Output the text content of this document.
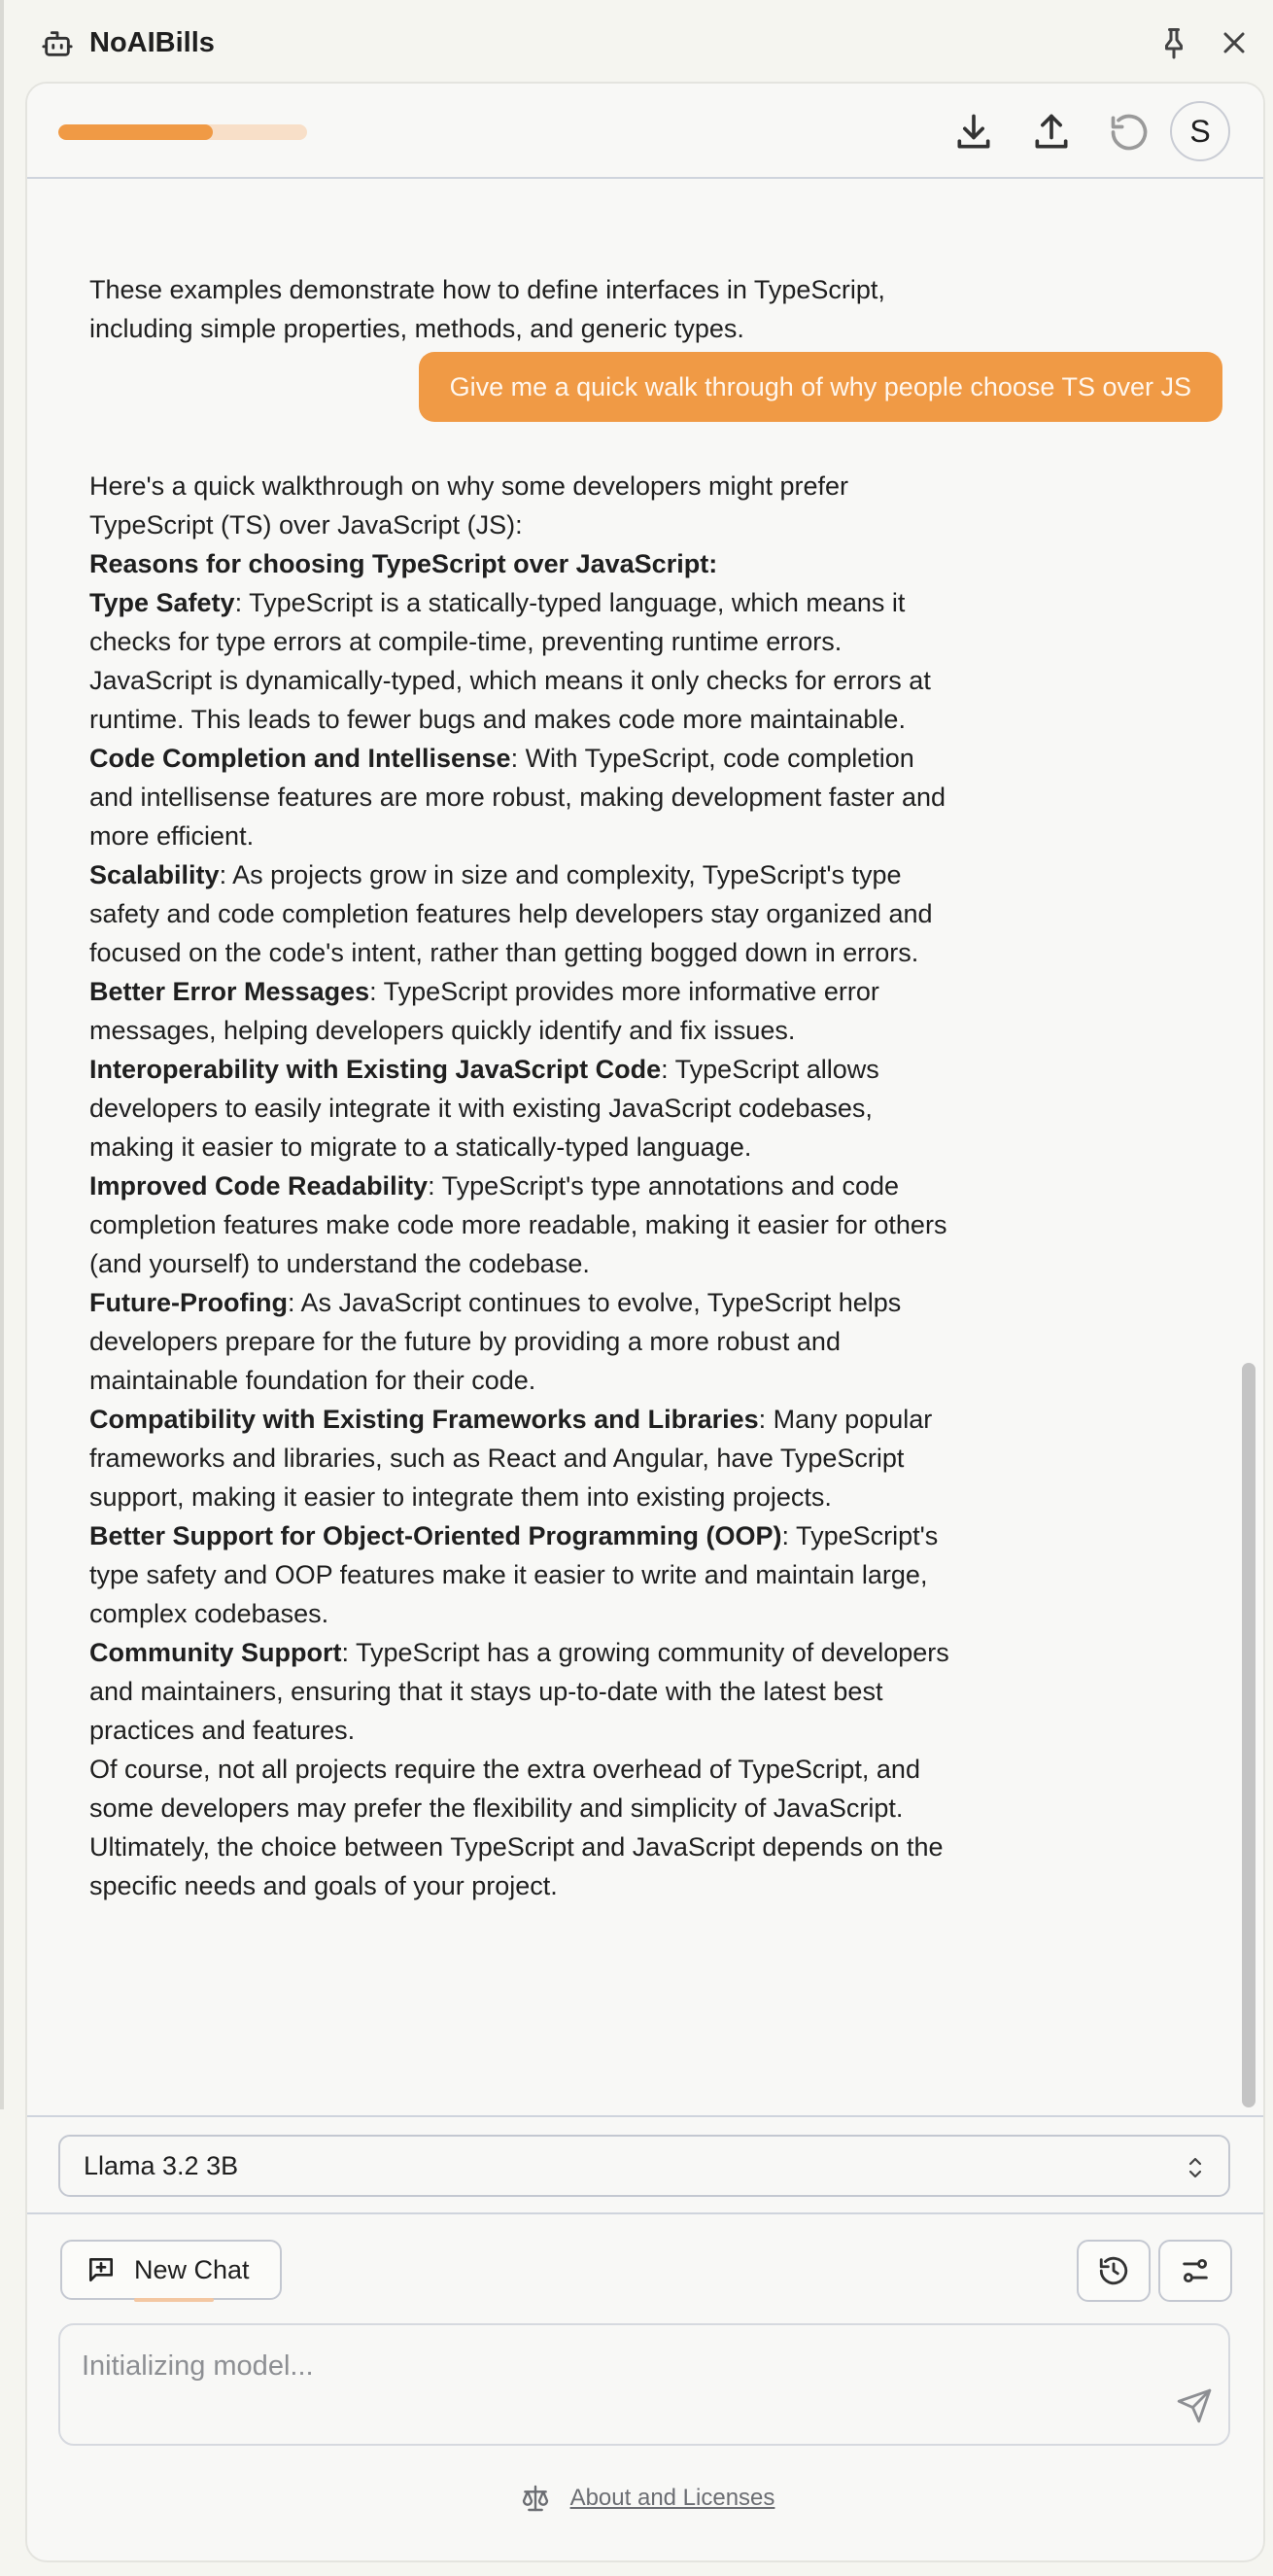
NoAIBills
S

These examples demonstrate how to define interfaces in TypeScript, including simple properties, methods, and generic types.

Give me a quick walk through of why people choose TS over JS

Here's a quick walkthrough on why some developers might prefer TypeScript (TS) over JavaScript (JS):

Reasons for choosing TypeScript over JavaScript:

Type Safety: TypeScript is a statically-typed language, which means it checks for type errors at compile-time, preventing runtime errors. JavaScript is dynamically-typed, which means it only checks for errors at runtime. This leads to fewer bugs and makes code more maintainable.

Code Completion and Intellisense: With TypeScript, code completion and intellisense features are more robust, making development faster and more efficient.

Scalability: As projects grow in size and complexity, TypeScript's type safety and code completion features help developers stay organized and focused on the code's intent, rather than getting bogged down in errors.

Better Error Messages: TypeScript provides more informative error messages, helping developers quickly identify and fix issues.

Interoperability with Existing JavaScript Code: TypeScript allows developers to easily integrate it with existing JavaScript codebases, making it easier to migrate to a statically-typed language.

Improved Code Readability: TypeScript's type annotations and code completion features make code more readable, making it easier for others (and yourself) to understand the codebase.

Future-Proofing: As JavaScript continues to evolve, TypeScript helps developers prepare for the future by providing a more robust and maintainable foundation for their code.

Compatibility with Existing Frameworks and Libraries: Many popular frameworks and libraries, such as React and Angular, have TypeScript support, making it easier to integrate them into existing projects.

Better Support for Object-Oriented Programming (OOP): TypeScript's type safety and OOP features make it easier to write and maintain large, complex codebases.

Community Support: TypeScript has a growing community of developers and maintainers, ensuring that it stays up-to-date with the latest best practices and features.

Of course, not all projects require the extra overhead of TypeScript, and some developers may prefer the flexibility and simplicity of JavaScript. Ultimately, the choice between TypeScript and JavaScript depends on the specific needs and goals of your project.

Llama 3.2 3B
New Chat
Initializing model...
About and Licenses
